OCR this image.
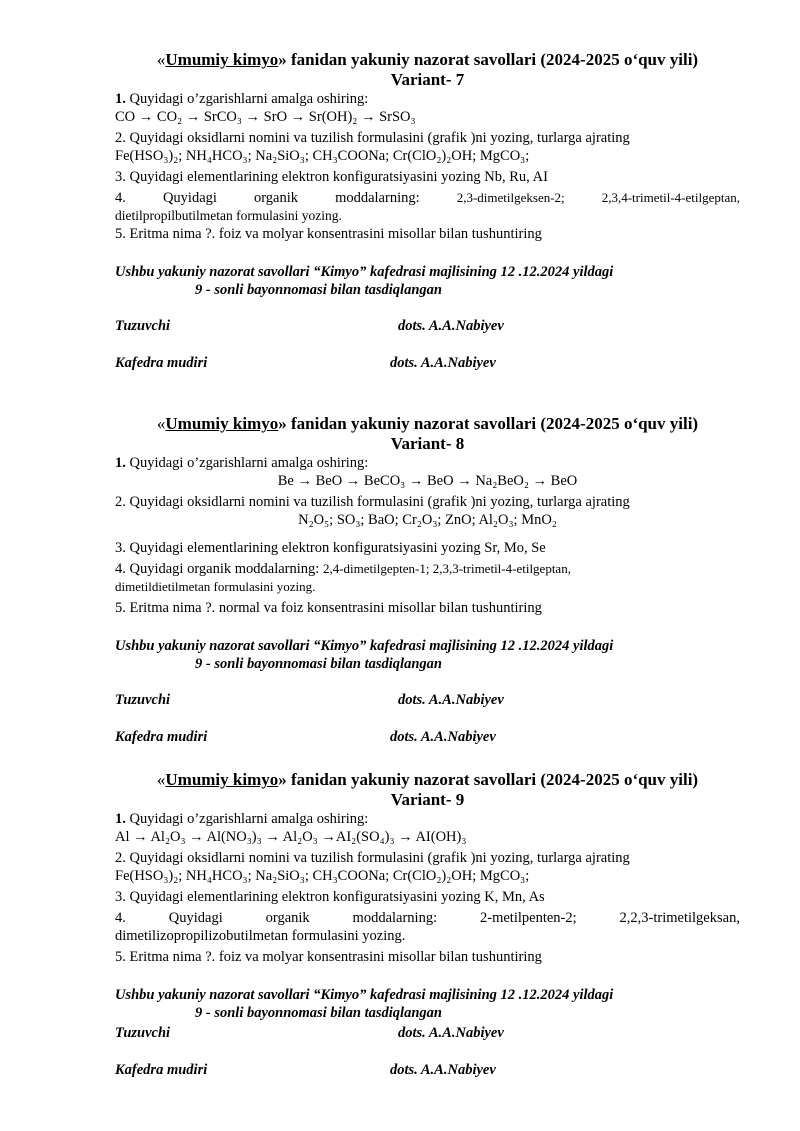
«Umumiy kimyo» fanidan yakuniy nazorat savollari (2024-2025 o‘quv yili)
Variant- 7
1. Quyidagi o’zgarishlarni amalga oshiring:
CO → CO₂ → SrCO₃ → SrO → Sr(OH)₂ → SrSO₃
2. Quyidagi oksidlarni nomini va tuzilish formulasini (grafik )ni yozing, turlarga ajrating
Fe(HSO₃)₂; NH₄HCO₃; Na₂SiO₃; CH₃COONa; Cr(ClO₂)₂OH; MgCO₃;
3. Quyidagi elementlarining elektron konfiguratsiyasini yozing Nb, Ru, AI
4.	Quyidagi	organik	moddalarning:	2,3-dimetilgeksen-2;	2,3,4-trimetil-4-etilgeptan,
dietilpropilbutilmetan formulasini yozing.
5. Eritma nima ?. foiz va molyar konsentrasini misollar bilan tushuntiring
Ushbu yakuniy nazorat savollari “Kimyo” kafedrasi majlisining 12 .12.2024 yildagi
9 - sonli bayonnomasi bilan tasdiqlangan
Tuzuvchi	dots. A.A.Nabiyev
Kafedra mudiri	dots. A.A.Nabiyev
«Umumiy kimyo» fanidan yakuniy nazorat savollari (2024-2025 o‘quv yili)
Variant- 8
1. Quyidagi o’zgarishlarni amalga oshiring:
Be → BeO → BeCO₃ → BeO → Na₂BeO₂ → BeO
2. Quyidagi oksidlarni nomini va tuzilish formulasini (grafik )ni yozing, turlarga ajrating
N₂O₅; SO₃; BaO; Cr₂O₃; ZnO; Al₂O₃; MnO₂
3. Quyidagi elementlarining elektron konfiguratsiyasini yozing Sr, Mo, Se
4. Quyidagi organik moddalarning: 2,4-dimetilgepten-1; 2,3,3-trimetil-4-etilgeptan,
dimetildietilmetan formulasini yozing.
5. Eritma nima ?. normal va foiz konsentrasini misollar bilan tushuntiring
Ushbu yakuniy nazorat savollari “Kimyo” kafedrasi majlisining 12 .12.2024 yildagi
9 - sonli bayonnomasi bilan tasdiqlangan
Tuzuvchi	dots. A.A.Nabiyev
Kafedra mudiri	dots. A.A.Nabiyev
«Umumiy kimyo» fanidan yakuniy nazorat savollari (2024-2025 o‘quv yili)
Variant- 9
1. Quyidagi o’zgarishlarni amalga oshiring:
Al → Al₂O₃ → Al(NO₃)₃ → Al₂O₃ →AI₂(SO₄)₃ → AI(OH)₃
2. Quyidagi oksidlarni nomini va tuzilish formulasini (grafik )ni yozing, turlarga ajrating
Fe(HSO₃)₂; NH₄HCO₃; Na₂SiO₃; CH₃COONa; Cr(ClO₂)₂OH; MgCO₃;
3. Quyidagi elementlarining elektron konfiguratsiyasini yozing K, Mn, As
4.	Quyidagi	organik	moddalarning:	2-metilpenten-2;	2,2,3-trimetilgeksan,
dimetilizopropilizobutilmetan formulasini yozing.
5. Eritma nima ?. foiz va molyar konsentrasini misollar bilan tushuntiring
Ushbu yakuniy nazorat savollari “Kimyo” kafedrasi majlisining 12 .12.2024 yildagi
9 - sonli bayonnomasi bilan tasdiqlangan
Tuzuvchi	dots. A.A.Nabiyev
Kafedra mudiri	dots. A.A.Nabiyev
